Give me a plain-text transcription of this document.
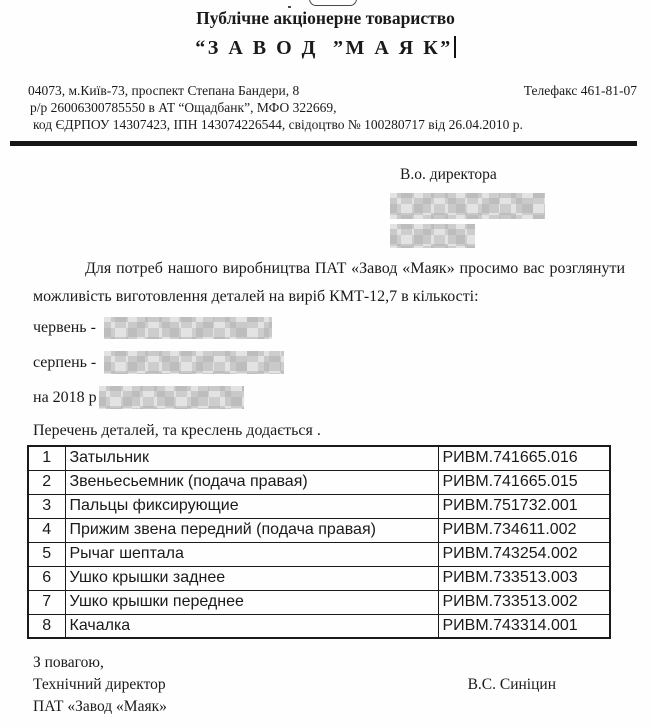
Публічне акціонерне товариство
“З А В О Д  ”М А Я К”
04073, м.Київ-73, проспект Степана Бандери, 8	Телефакс 461-81-07
р/р 26006300785550 в АТ “Ощадбанк”, МФО 322669,
код ЄДРПОУ 14307423, ІПН 143074226544, свідоцтво № 100280717 від 26.04.2010 р.
В.о. директора
Для потреб нашого виробництва ПАТ «Завод «Маяк» просимо вас розглянути можливість виготовлення деталей на виріб КМТ-12,7 в кількості:
червень -
серпень -
на 2018 р
Перечень деталей, та креслень додається .
1	Затыльник	РИВМ.741665.016
2	Звеньесьемник (подача правая)	РИВМ.741665.015
3	Пальцы фиксирующие	РИВМ.751732.001
4	Прижим звена передний (подача правая)	РИВМ.734611.002
5	Рычаг шептала	РИВМ.743254.002
6	Ушко крышки заднее	РИВМ.733513.003
7	Ушко крышки переднее	РИВМ.733513.002
8	Качалка	РИВМ.743314.001
З повагою,
Технічний директор	В.С. Синіцин
ПАТ «Завод «Маяк»
